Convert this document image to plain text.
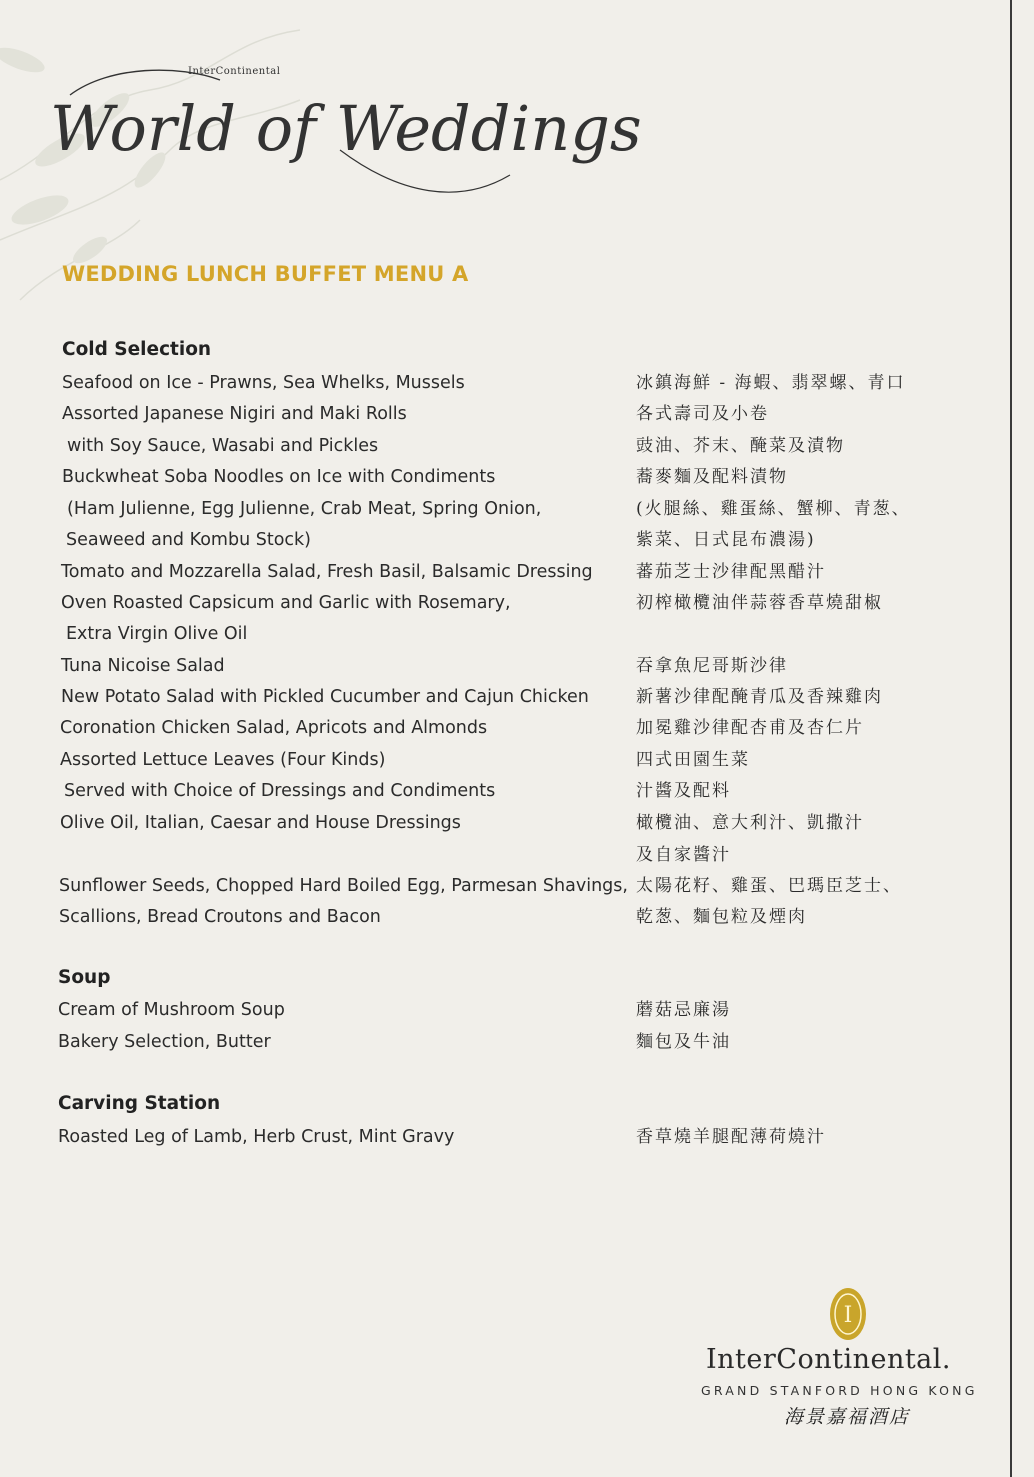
InterContinental
World of Weddings
WEDDING LUNCH BUFFET MENU A
Cold Selection
Seafood on Ice - Prawns, Sea Whelks, Mussels	冰鎮海鮮 - 海蝦、翡翠螺、青口
Assorted Japanese Nigiri and Maki Rolls	各式壽司及小卷
with Soy Sauce, Wasabi and Pickles	豉油、芥末、醃菜及漬物
Buckwheat Soba Noodles on Ice with Condiments	蕎麥麵及配料漬物
(Ham Julienne, Egg Julienne, Crab Meat, Spring Onion,	(火腿絲、雞蛋絲、蟹柳、青葱、
Seaweed and Kombu Stock)	紫菜、日式昆布濃湯)
Tomato and Mozzarella Salad, Fresh Basil, Balsamic Dressing	蕃茄芝士沙律配黑醋汁
Oven Roasted Capsicum and Garlic with Rosemary,	初榨橄欖油伴蒜蓉香草燒甜椒
Extra Virgin Olive Oil
Tuna Nicoise Salad	吞拿魚尼哥斯沙律
New Potato Salad with Pickled Cucumber and Cajun Chicken	新薯沙律配醃青瓜及香辣雞肉
Coronation Chicken Salad, Apricots and Almonds	加冕雞沙律配杏甫及杏仁片
Assorted Lettuce Leaves (Four Kinds)	四式田園生菜
Served with Choice of Dressings and Condiments	汁醬及配料
Olive Oil, Italian, Caesar and House Dressings	橄欖油、意大利汁、凱撒汁
及自家醬汁
Sunflower Seeds, Chopped Hard Boiled Egg, Parmesan Shavings, 太陽花籽、雞蛋、巴瑪臣芝士、
Scallions, Bread Croutons and Bacon	乾葱、麵包粒及煙肉
Soup
Cream of Mushroom Soup	蘑菇忌廉湯
Bakery Selection, Butter	麵包及牛油
Carving Station
Roasted Leg of Lamb, Herb Crust, Mint Gravy	香草燒羊腿配薄荷燒汁
I
InterContinental.
GRAND STANFORD HONG KONG
海景嘉福酒店
